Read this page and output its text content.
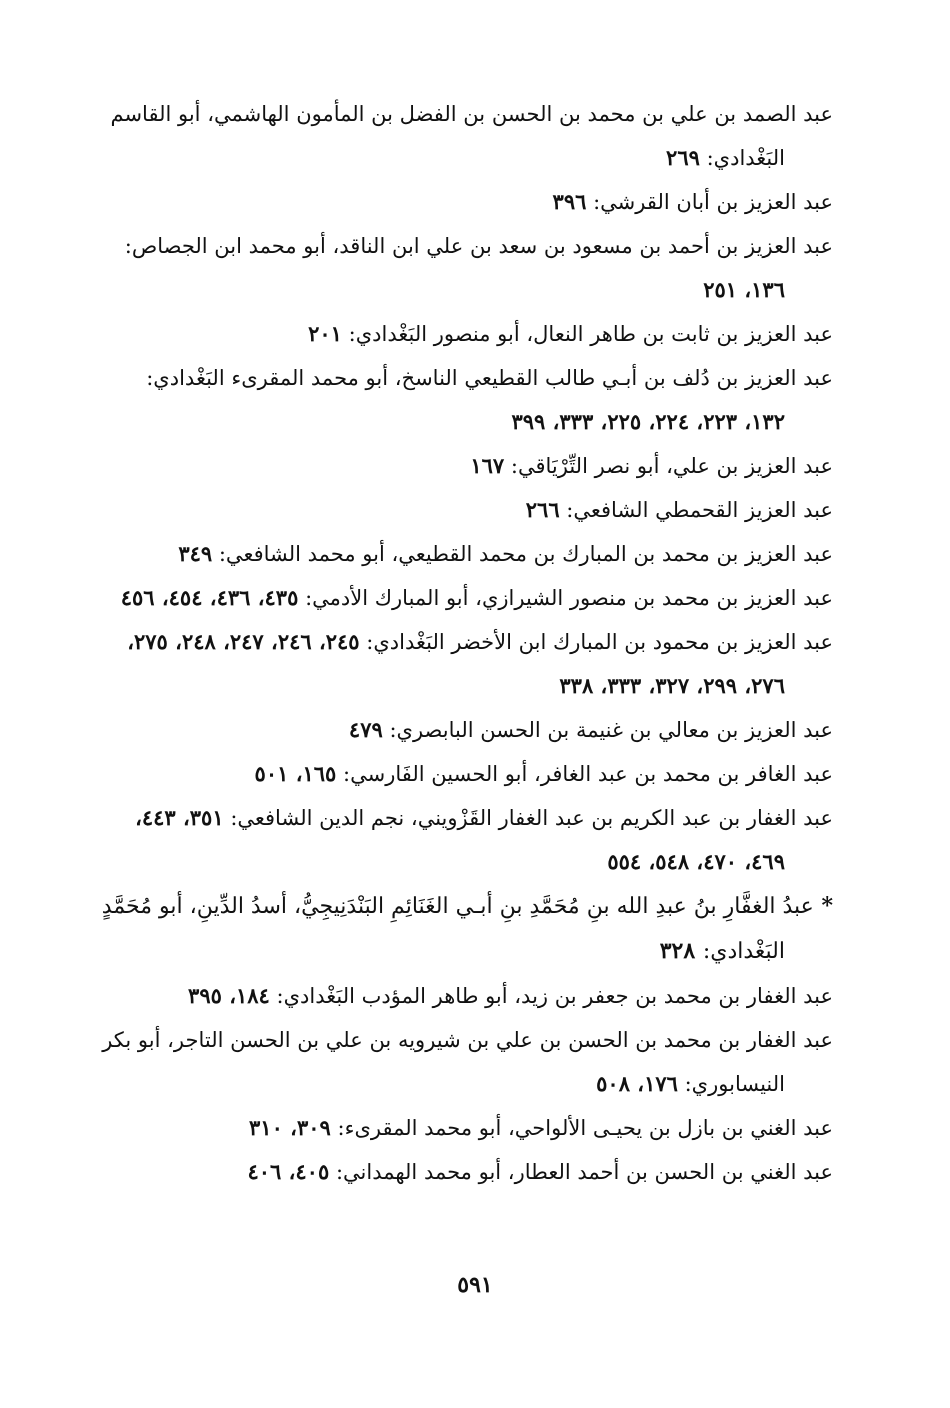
عبد الصمد بن علي بن محمد بن الحسن بن الفضل بن المأمون الهاشمي، أبو القاسم البَغْدادي: ٢٦٩

عبد العزيز بن أبان القرشي: ٣٩٦

عبد العزيز بن أحمد بن مسعود بن سعد بن علي ابن الناقد، أبو محمد ابن الجصاص: ١٣٦، ٢٥١

عبد العزيز بن ثابت بن طاهر النعال، أبو منصور البَغْدادي: ٢٠١

عبد العزيز بن دُلف بن أبـي طالب القطيعي الناسخ، أبو محمد المقرىء البَغْدادي: ١٣٢، ٢٢٣، ٢٢٤، ٢٢٥، ٣٣٣، ٣٩٩

عبد العزيز بن علي، أبو نصر التِّرْيَاقي: ١٦٧

عبد العزيز القحمطي الشافعي: ٢٦٦

عبد العزيز بن محمد بن المبارك بن محمد القطيعي، أبو محمد الشافعي: ٣٤٩

عبد العزيز بن محمد بن منصور الشيرازي، أبو المبارك الأدمي: ٤٣٥، ٤٣٦، ٤٥٤، ٤٥٦

عبد العزيز بن محمود بن المبارك ابن الأخضر البَغْدادي: ٢٤٥، ٢٤٦، ٢٤٧، ٢٤٨، ٢٧٥، ٢٧٦، ٢٩٩، ٣٢٧، ٣٣٣، ٣٣٨

عبد العزيز بن معالي بن غنيمة بن الحسن البابصري: ٤٧٩

عبد الغافر بن محمد بن عبد الغافر، أبو الحسين الفَارسي: ١٦٥، ٥٠١

عبد الغفار بن عبد الكريم بن عبد الغفار القَزْويني، نجم الدين الشافعي: ٣٥١، ٤٤٣، ٤٦٩، ٤٧٠، ٥٤٨، ٥٥٤

* عبدُ الغفَّارِ بنُ عبدِ الله بنِ مُحَمَّدِ بنِ أبـي الغَنَائِمِ البَنْدَنِيجِيُّ، أسدُ الدِّينِ، أبو مُحَمَّدٍ البَغْدادي: ٣٢٨

عبد الغفار بن محمد بن جعفر بن زيد، أبو طاهر المؤدب البَغْدادي: ١٨٤، ٣٩٥

عبد الغفار بن محمد بن الحسن بن علي بن شيرويه بن علي بن الحسن التاجر، أبو بكر النيسابوري: ١٧٦، ٥٠٨

عبد الغني بن بازل بن يحيـى الألواحي، أبو محمد المقرىء: ٣٠٩، ٣١٠

عبد الغني بن الحسن بن أحمد العطار، أبو محمد الهمداني: ٤٠٥، ٤٠٦

٥٩١
